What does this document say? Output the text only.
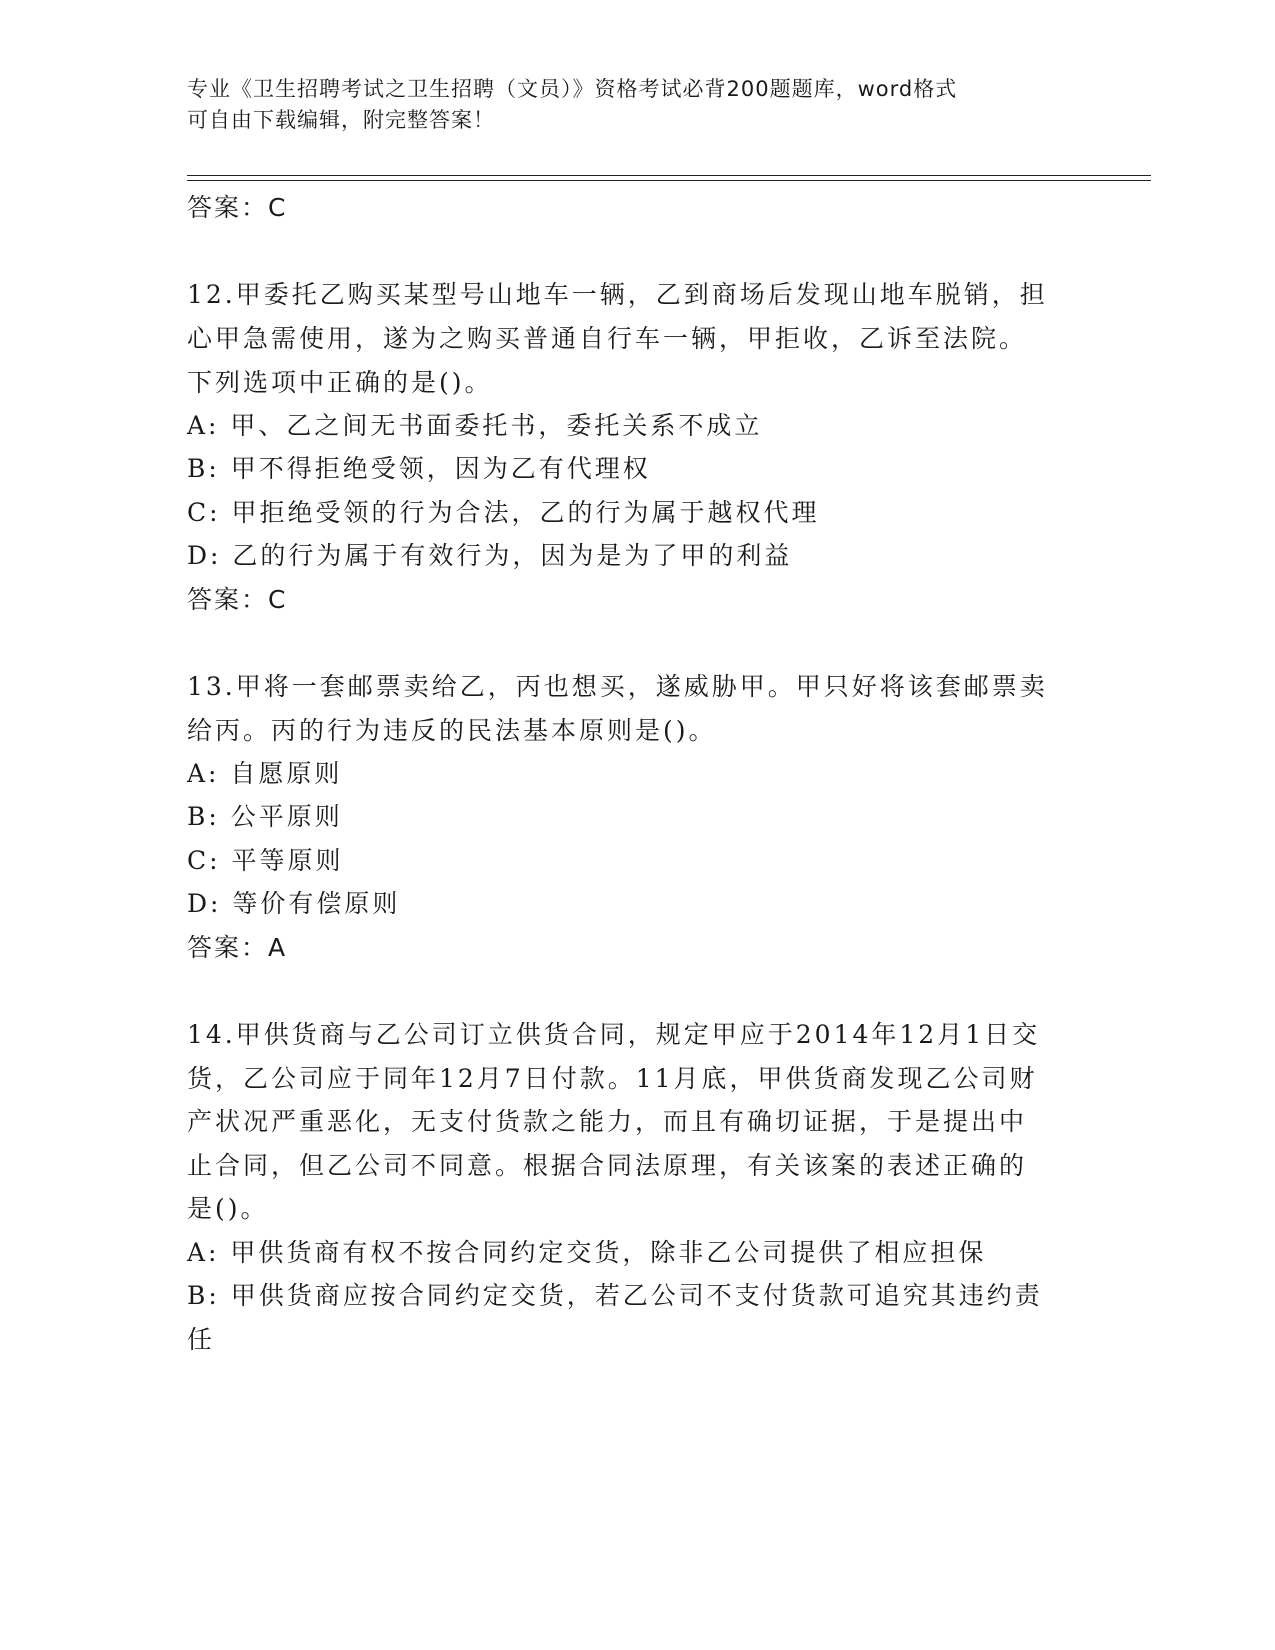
专业《卫生招聘考试之卫生招聘（文员）》资格考试必背200题题库，word格式
可自由下载编辑，附完整答案！
答案：C
12.甲委托乙购买某型号山地车一辆，乙到商场后发现山地车脱销，担
心甲急需使用，遂为之购买普通自行车一辆，甲拒收，乙诉至法院。
下列选项中正确的是()。
A: 甲、乙之间无书面委托书，委托关系不成立
B: 甲不得拒绝受领，因为乙有代理权
C: 甲拒绝受领的行为合法，乙的行为属于越权代理
D: 乙的行为属于有效行为，因为是为了甲的利益
答案：C
13.甲将一套邮票卖给乙，丙也想买，遂威胁甲。甲只好将该套邮票卖
给丙。丙的行为违反的民法基本原则是()。
A: 自愿原则
B: 公平原则
C: 平等原则
D: 等价有偿原则
答案：A
14.甲供货商与乙公司订立供货合同，规定甲应于2014年12月1日交
货，乙公司应于同年12月7日付款。11月底，甲供货商发现乙公司财
产状况严重恶化，无支付货款之能力，而且有确切证据，于是提出中
止合同，但乙公司不同意。根据合同法原理，有关该案的表述正确的
是()。
A: 甲供货商有权不按合同约定交货，除非乙公司提供了相应担保
B: 甲供货商应按合同约定交货，若乙公司不支付货款可追究其违约责
任
